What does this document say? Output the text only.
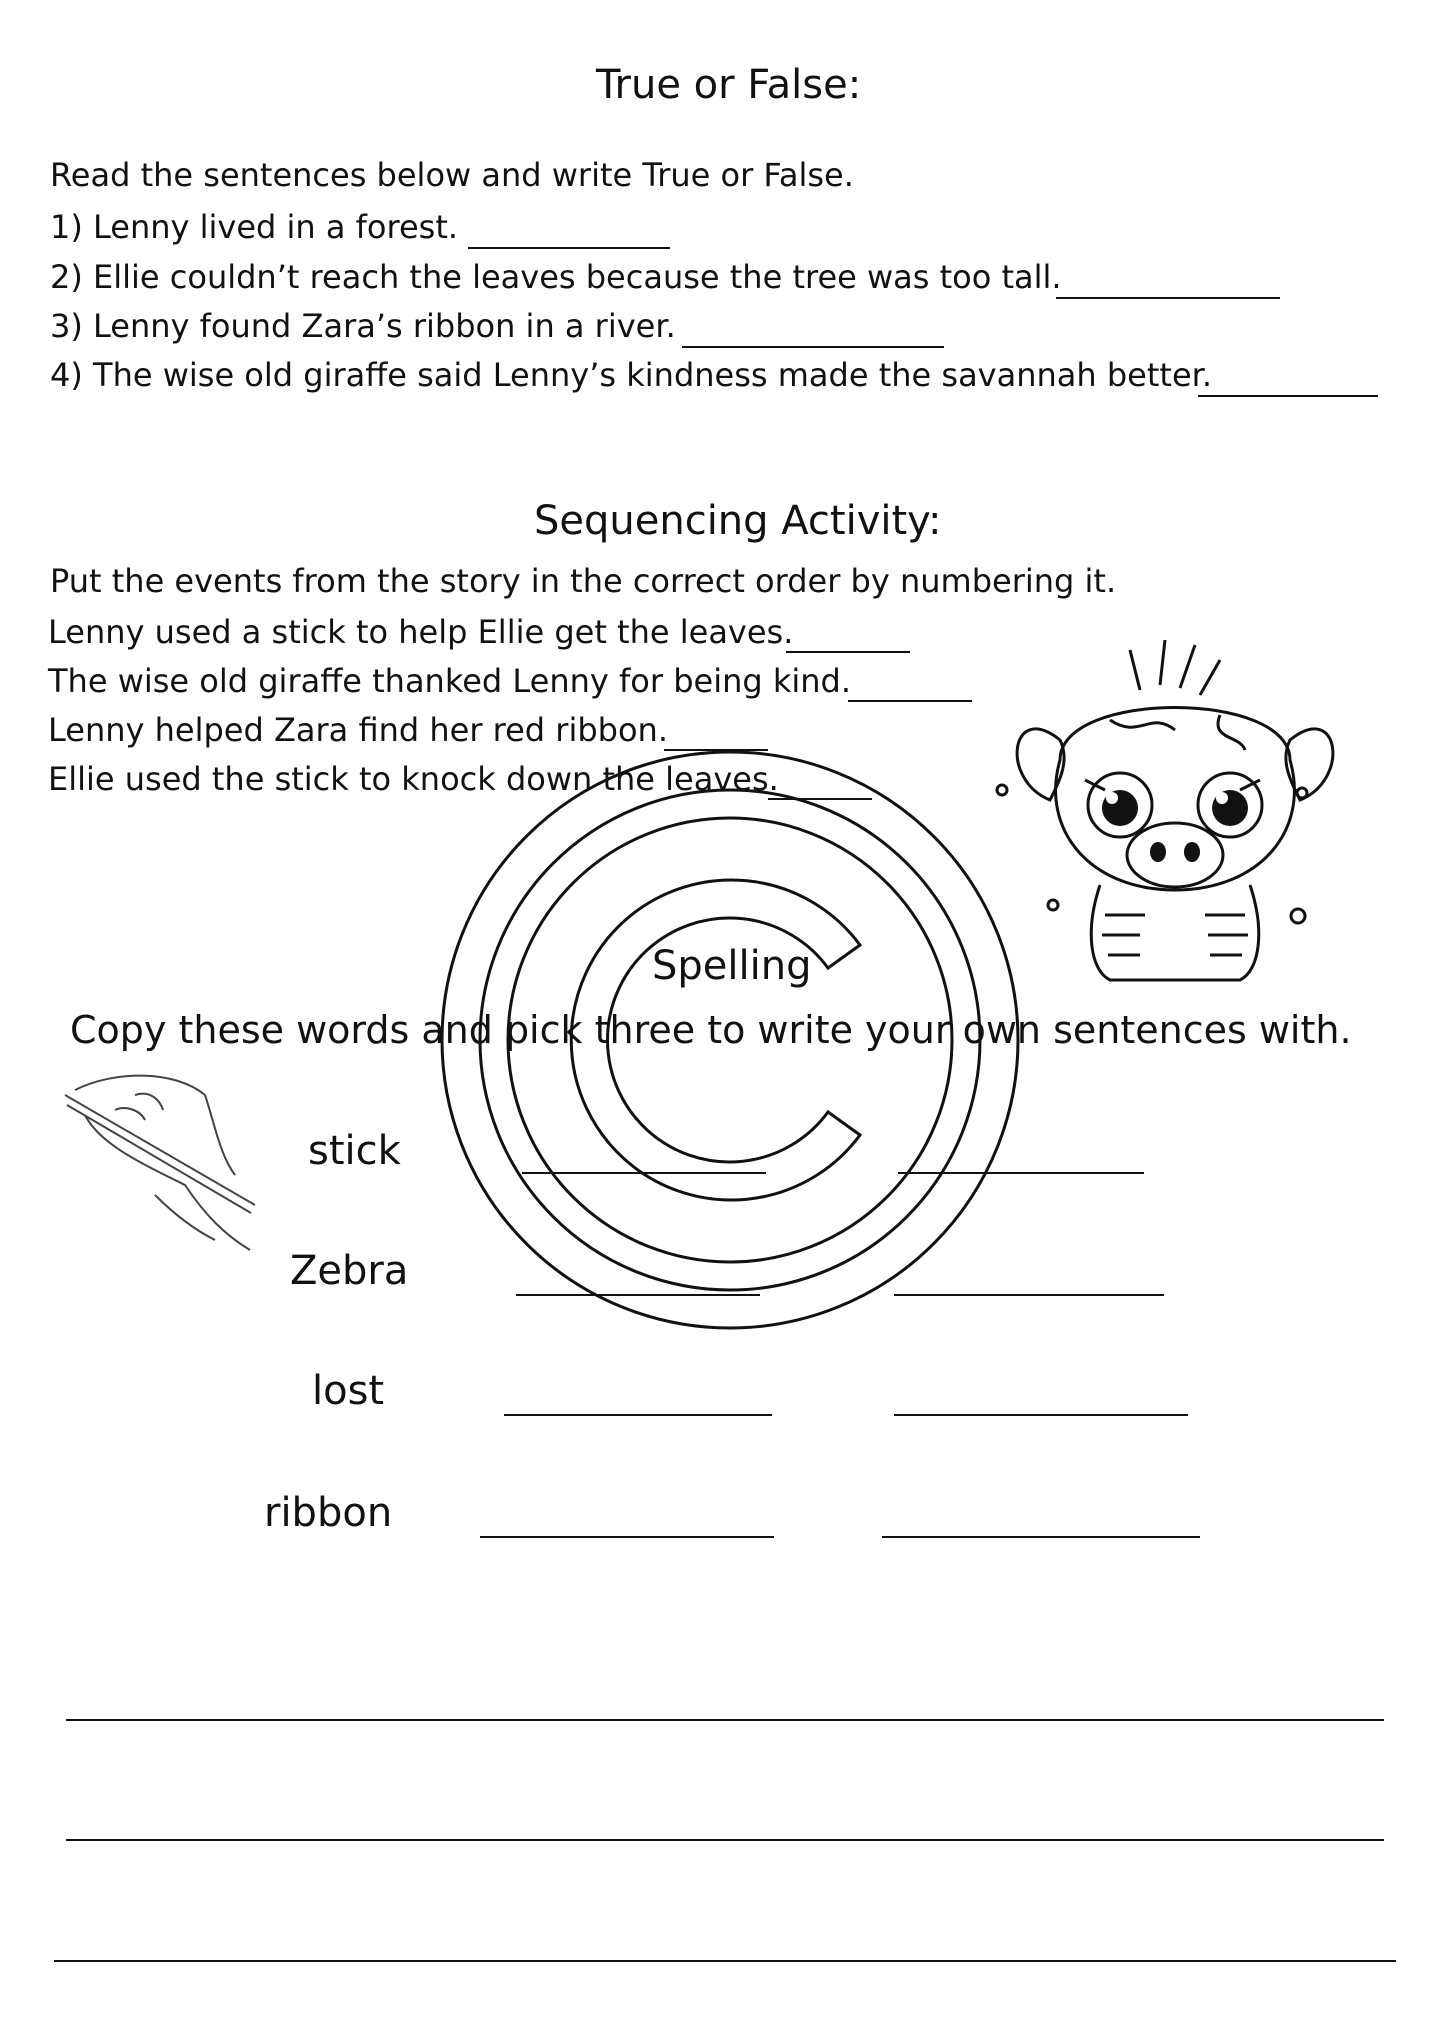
True or False:
Read the sentences below and write True or False.
1) Lenny lived in a forest.
2) Ellie couldn’t reach the leaves because the tree was too tall.
3) Lenny found Zara’s ribbon in a river.
4) The wise old giraffe said Lenny’s kindness made the savannah better.
Sequencing Activity:
Put the events from the story in the correct order by numbering it.
Lenny used a stick to help Ellie get the leaves.
The wise old giraffe thanked Lenny for being kind.
Lenny helped Zara find her red ribbon.
Ellie used the stick to knock down the leaves.
Spelling
Copy these words and pick three to write your own sentences with.
stick
Zebra
lost
ribbon
